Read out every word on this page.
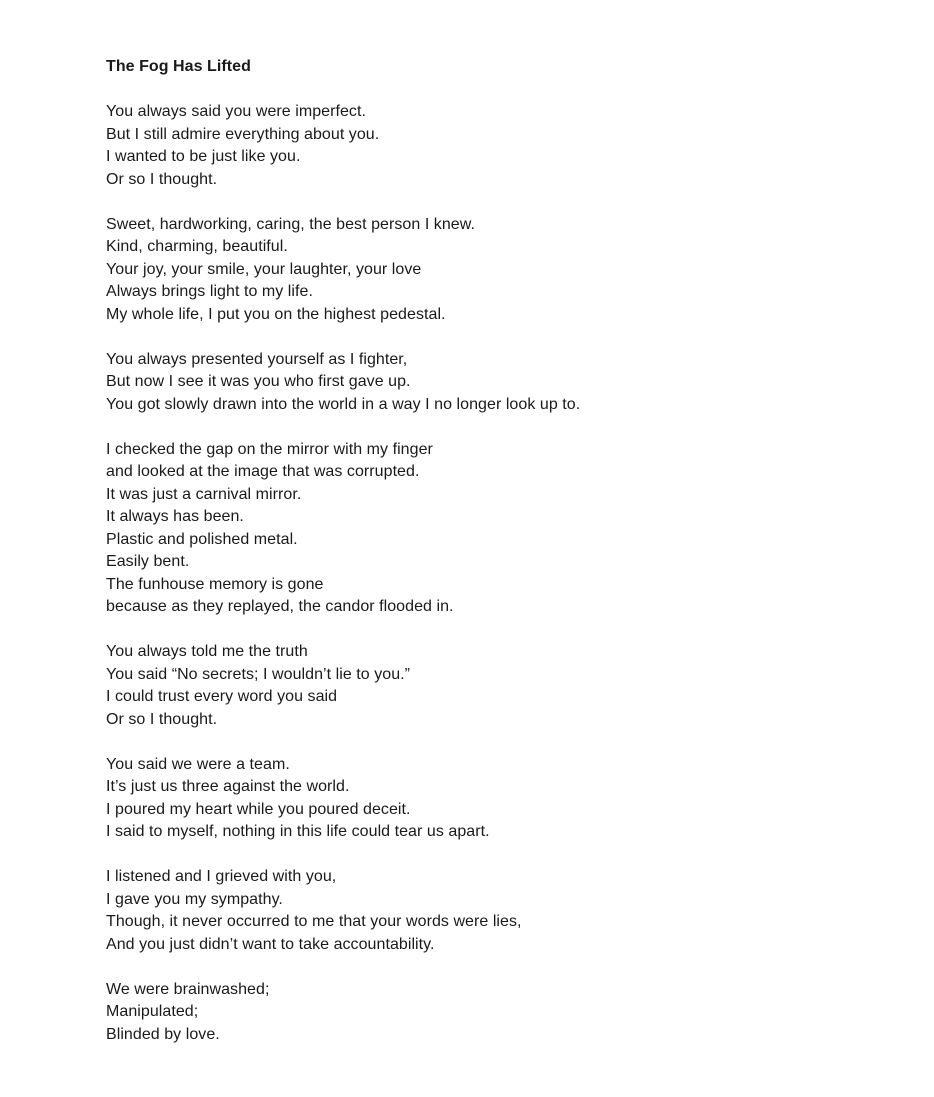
The Fog Has Lifted
You always said you were imperfect.
But I still admire everything about you.
I wanted to be just like you.
Or so I thought.
Sweet, hardworking, caring, the best person I knew.
Kind, charming, beautiful.
Your joy, your smile, your laughter, your love
Always brings light to my life.
My whole life, I put you on the highest pedestal.
You always presented yourself as I fighter,
But now I see it was you who first gave up.
You got slowly drawn into the world in a way I no longer look up to.
I checked the gap on the mirror with my finger
and looked at the image that was corrupted.
It was just a carnival mirror.
It always has been.
Plastic and polished metal.
Easily bent.
The funhouse memory is gone
because as they replayed, the candor flooded in.
You always told me the truth
You said “No secrets; I wouldn’t lie to you.”
I could trust every word you said
Or so I thought.
You said we were a team.
It’s just us three against the world.
I poured my heart while you poured deceit.
I said to myself, nothing in this life could tear us apart.
I listened and I grieved with you,
I gave you my sympathy.
Though, it never occurred to me that your words were lies,
And you just didn’t want to take accountability.
We were brainwashed;
Manipulated;
Blinded by love.
